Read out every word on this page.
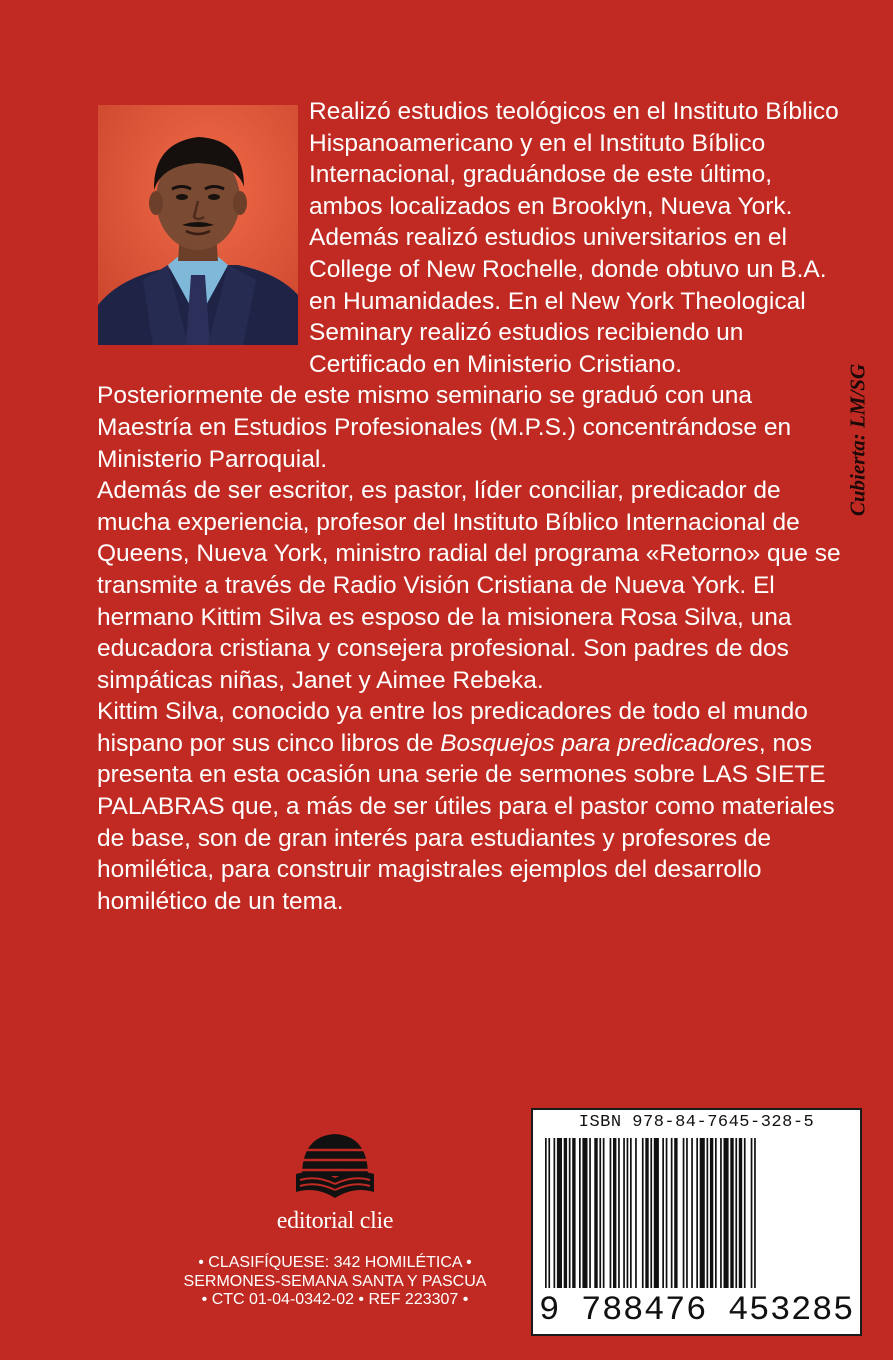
Realizó estudios teológicos en el Instituto Bíblico Hispanoamericano y en el Instituto Bíblico Internacional, graduándose de este último, ambos localizados en Brooklyn, Nueva York. Además realizó estudios universitarios en el College of New Rochelle, donde obtuvo un B.A. en Humanidades. En el New York Theological Seminary realizó estudios recibiendo un Certificado en Ministerio Cristiano.

Posteriormente de este mismo seminario se graduó con una Maestría en Estudios Profesionales (M.P.S.) concentrándose en Ministerio Parroquial.

Además de ser escritor, es pastor, líder conciliar, predicador de mucha experiencia, profesor del Instituto Bíblico Internacional de Queens, Nueva York, ministro radial del programa «Retorno» que se transmite a través de Radio Visión Cristiana de Nueva York. El hermano Kittim Silva es esposo de la misionera Rosa Silva, una educadora cristiana y consejera profesional. Son padres de dos simpáticas niñas, Janet y Aimee Rebeka.

Kittim Silva, conocido ya entre los predicadores de todo el mundo hispano por sus cinco libros de Bosquejos para predicadores, nos presenta en esta ocasión una serie de sermones sobre LAS SIETE PALABRAS que, a más de ser útiles para el pastor como materiales de base, son de gran interés para estudiantes y profesores de homilética, para construir magistrales ejemplos del desarrollo homilético de un tema.

Cubierta: LM/SG
editorial clie
• CLASIFÍQUESE: 342 HOMILÉTICA •
SERMONES-SEMANA SANTA Y PASCUA
• CTC 01-04-0342-02 • REF 223307 •
ISBN 978-84-7645-328-5
9 788476 453285
